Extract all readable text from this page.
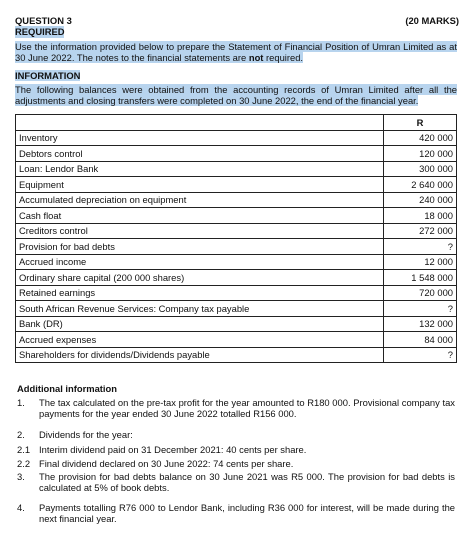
QUESTION 3	(20 MARKS)
REQUIRED
Use the information provided below to prepare the Statement of Financial Position of Umran Limited as at
30 June 2022. The notes to the financial statements are not required.
INFORMATION
The following balances were obtained from the accounting records of Umran Limited after all the
adjustments and closing transfers were completed on 30 June 2022, the end of the financial year.
	R
Inventory	420 000
Debtors control	120 000
Loan: Lendor Bank	300 000
Equipment	2 640 000
Accumulated depreciation on equipment	240 000
Cash float	18 000
Creditors control	272 000
Provision for bad debts	?
Accrued income	12 000
Ordinary share capital (200 000 shares)	1 548 000
Retained earnings	720 000
South African Revenue Services: Company tax payable	?
Bank (DR)	132 000
Accrued expenses	84 000
Shareholders for dividends/Dividends payable	?
Additional information
1.	The tax calculated on the pre-tax profit for the year amounted to R180 000. Provisional company tax
payments for the year ended 30 June 2022 totalled R156 000.
2.	Dividends for the year:
2.1 Interim dividend paid on 31 December 2021: 40 cents per share.
2.2 Final dividend declared on 30 June 2022: 74 cents per share.
3.	The provision for bad debts balance on 30 June 2021 was R5 000. The provision for bad debts is
calculated at 5% of book debts.
4.	Payments totalling R76 000 to Lendor Bank, including R36 000 for interest, will be made during the
next financial year.
